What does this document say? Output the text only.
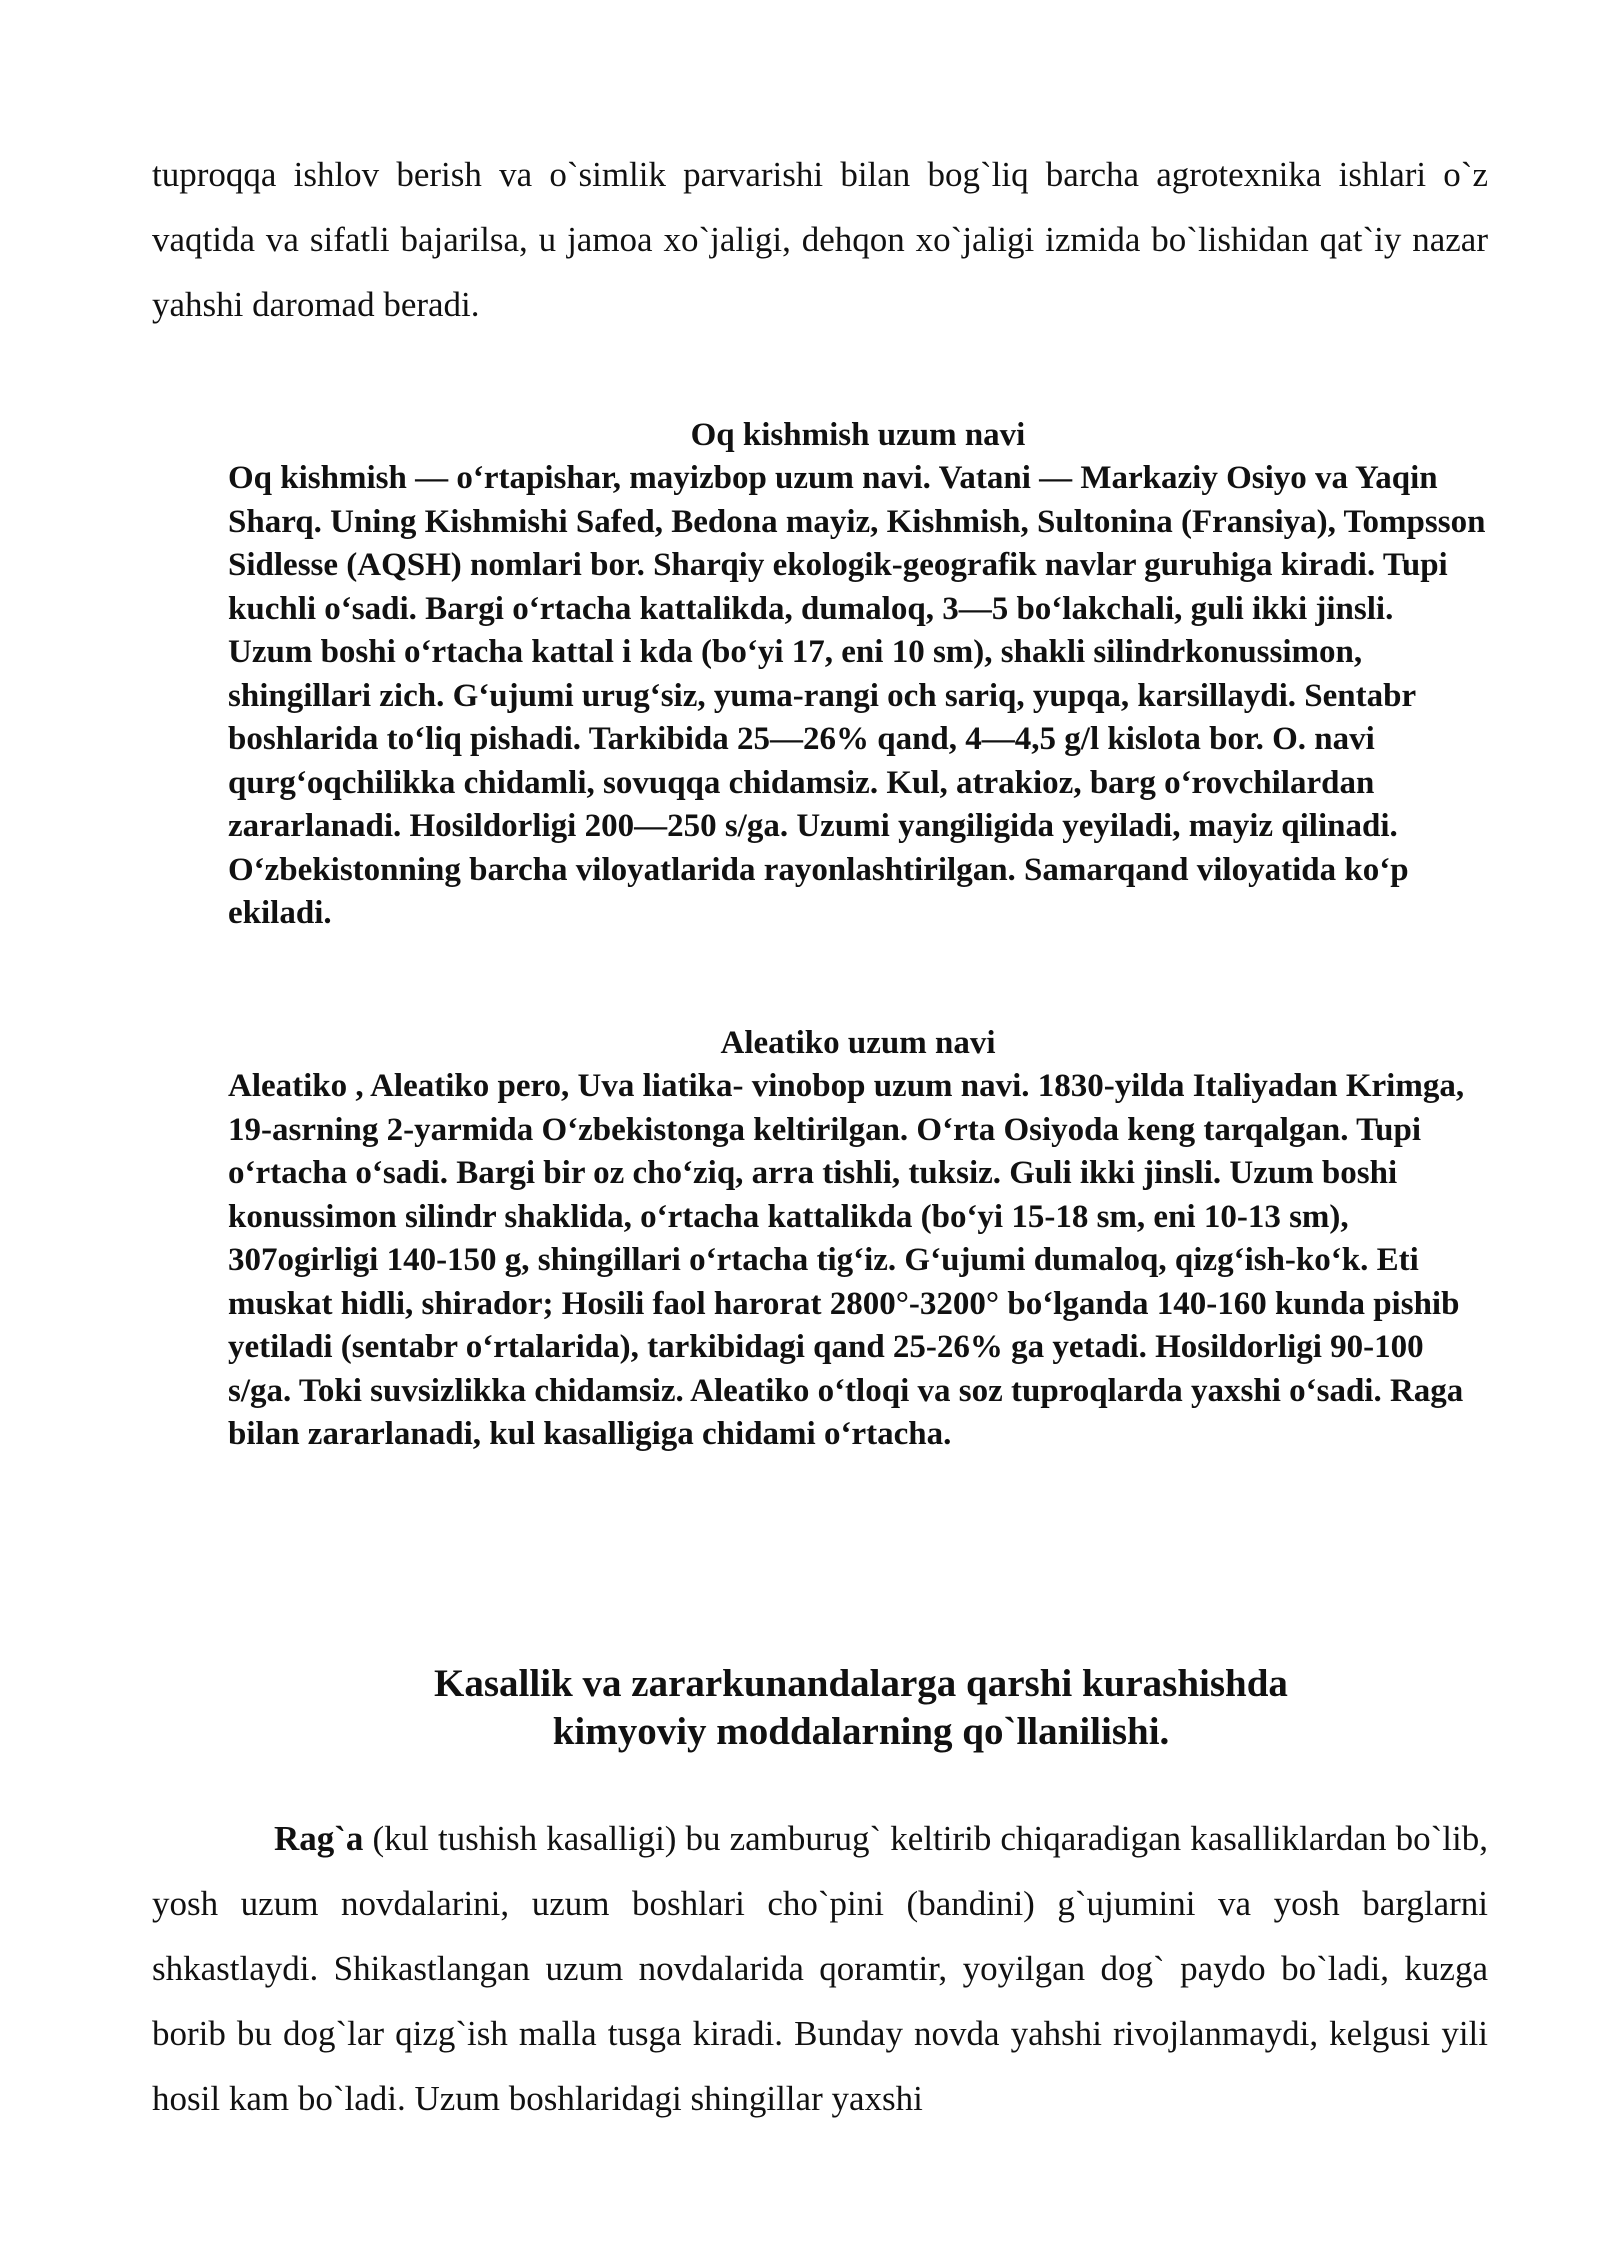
tuproqqa ishlov berish va o`simlik parvarishi bilan bog`liq barcha agrotexnika ishlari o`z vaqtida va sifatli bajarilsa, u jamoa xo`jaligi, dehqon xo`jaligi izmida bo`lishidan qat`iy nazar yahshi daromad beradi.

Oq kishmish uzum navi

Oq kishmish — o‘rtapishar, mayizbop uzum navi. Vatani — Markaziy Osiyo va Yaqin Sharq. Uning Kishmishi Safed, Bedona mayiz, Kishmish, Sultonina (Fransiya), Tompsson Sidlesse (AQSH) nomlari bor. Sharqiy ekologik-geografik navlar guruhiga kiradi. Tupi kuchli o‘sadi. Bargi o‘rtacha kattalikda, dumaloq, 3—5 bo‘lakchali, guli ikki jinsli.

Uzum boshi o‘rtacha kattal i kda (bo‘yi 17, eni 10 sm), shakli silindrkonussimon, shingillari zich. G‘ujumi urug‘siz, yuma-rangi och sariq, yupqa, karsillaydi. Sentabr boshlarida to‘liq pishadi. Tarkibida 25—26% qand, 4—4,5 g/l kislota bor. O. navi qurg‘oqchilikka chidamli, sovuqqa chidamsiz. Kul, atrakioz, barg o‘rovchilardan zararlanadi. Hosildorligi 200—250 s/ga. Uzumi yangiligida yeyiladi, mayiz qilinadi. O‘zbekistonning barcha viloyatlarida rayonlashtirilgan. Samarqand viloyatida ko‘p ekiladi.

Aleatiko uzum navi

Aleatiko , Aleatiko pero, Uva liatika- vinobop uzum navi. 1830-yilda Italiyadan Krimga, 19-asrning 2-yarmida O‘zbekistonga keltirilgan. O‘rta Osiyoda keng tarqalgan. Tupi o‘rtacha o‘sadi. Bargi bir oz cho‘ziq, arra tishli, tuksiz. Guli ikki jinsli. Uzum boshi konussimon silindr shaklida, o‘rtacha kattalikda (bo‘yi 15-18 sm, eni 10-13 sm), 307ogirligi 140-150 g, shingillari o‘rtacha tig‘iz. G‘ujumi dumaloq, qizg‘ish-ko‘k. Eti muskat hidli, shirador; Hosili faol harorat 2800°-3200° bo‘lganda 140-160 kunda pishib yetiladi (sentabr o‘rtalarida), tarkibidagi qand 25-26% ga yetadi. Hosildorligi 90-100 s/ga. Toki suvsizlikka chidamsiz. Aleatiko o‘tloqi va soz tuproqlarda yaxshi o‘sadi. Raga bilan zararlanadi, kul kasalligiga chidami o‘rtacha.

Kasallik va zararkunandalarga qarshi kurashishda
kimyoviy moddalarning qo`llanilishi.

Rag`a (kul tushish kasalligi) bu zamburug` keltirib chiqaradigan kasalliklardan bo`lib, yosh uzum novdalarini, uzum boshlari cho`pini (bandini) g`ujumini va yosh barglarni shkastlaydi. Shikastlangan uzum novdalarida qoramtir, yoyilgan dog` paydo bo`ladi, kuzga borib bu dog`lar qizg`ish malla tusga kiradi. Bunday novda yahshi rivojlanmaydi, kelgusi yili hosil kam bo`ladi. Uzum boshlaridagi shingillar yaxshi
